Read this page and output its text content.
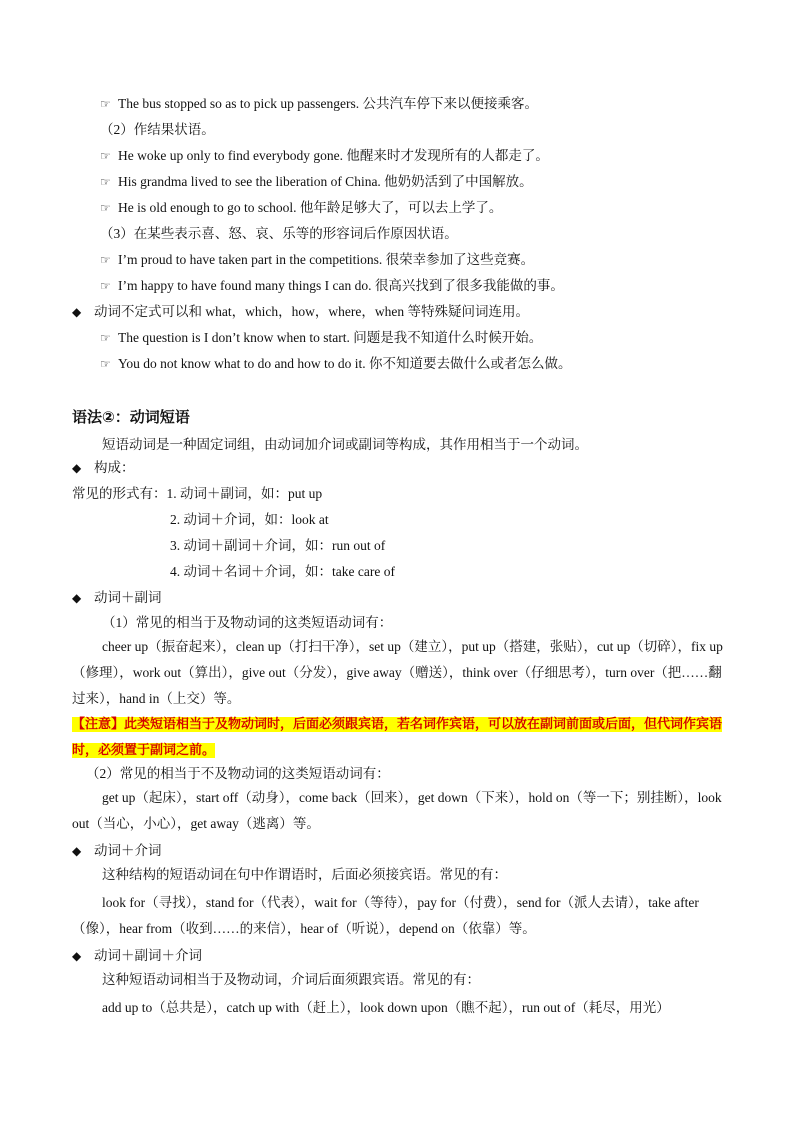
☞ The bus stopped so as to pick up passengers. 公共汽车停下来以便接乘客。
（2）作结果状语。
☞ He woke up only to find everybody gone. 他醒来时才发现所有的人都走了。
☞ His grandma lived to see the liberation of China. 他奶奶活到了中国解放。
☞ He is old enough to go to school. 他年龄足够大了，可以去上学了。
（3）在某些表示喜、怒、哀、乐等的形容词后作原因状语。
☞ I’m proud to have taken part in the competitions. 很荣幸参加了这些竞赛。
☞ I’m happy to have found many things I can do. 很高兴找到了很多我能做的事。
◆ 动词不定式可以和 what，which，how，where，when 等特殊疑问词连用。
☞ The question is I don’t know when to start. 问题是我不知道什么时候开始。
☞ You do not know what to do and how to do it. 你不知道要去做什么或者怎么做。
语法②：动词短语
短语动词是一种固定词组，由动词加介词或副词等构成，其作用相当于一个动词。
◆ 构成：
常见的形式有：1. 动词＋副词，如：put up
2. 动词＋介词，如：look at
3. 动词＋副词＋介词，如：run out of
4. 动词＋名词＋介词，如：take care of
◆ 动词＋副词
（1）常见的相当于及物动词的这类短语动词有：
cheer up（振奋起来），clean up（打扫干净），set up（建立），put up（搭建，张贴），cut up（切碎），fix up（修理），work out（算出），give out（分发），give away（赠送），think over（仔细思考），turn over（把……翻过来），hand in（上交）等。
【注意】此类短语相当于及物动词时，后面必须跟宾语，若名词作宾语，可以放在副词前面或后面，但代词作宾语时，必须置于副词之前。
（2）常见的相当于不及物动词的这类短语动词有：
get up（起床），start off（动身），come back（回来），get down（下来），hold on（等一下；别挂断），look out（当心，小心），get away（逃离）等。
◆ 动词＋介词
这种结构的短语动词在句中作谓语时，后面必须接宾语。常见的有：
look for（寻找），stand for（代表），wait for（等待），pay for（付费），send for（派人去请），take after（像），hear from（收到……的来信），hear of（听说），depend on（依靠）等。
◆ 动词＋副词＋介词
这种短语动词相当于及物动词，介词后面须跟宾语。常见的有：
add up to（总共是），catch up with（赶上），look down upon（瞧不起），run out of（耗尽，用光）
